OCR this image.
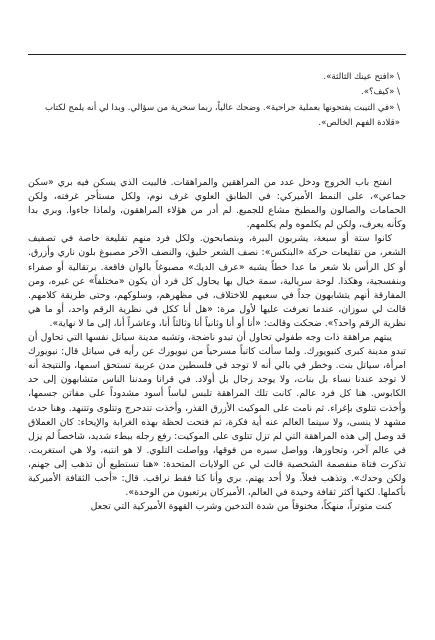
\ «افتح عينك الثالثة».

\ «كيف؟».

\ «في التيبت يفتحونها بعملية جراحية». وضحك عالياً، ربما سخرية من سؤالي. وبدا لي أنه يلمح لكتاب «قلادة الفهم الخالص».

انفتح باب الخروج ودخل عدد من المراهقين والمراهقات. فالبيت الذي يسكن فيه بري «سكن جماعي»، على النمط الأميركي: في الطابق العلوي غرف نوم، ولكل مستأجر غرفته، ولكن الحمامات والصالون والمطبخ مشاع للجميع. لم أدر من هؤلاء المراهقون، ولماذا جاءوا. وبري بدا وكأنه يعرف، ولكن لم يكلموه ولم يكلمهم.

كانوا ستة أو سبعة، يشربون البيرة، وبتصابحون. ولكل فرد منهم تقليعة خاصة في تصفيف الشعر، من تقليعات حركة «البنكس»: نصف الشعر حليق، والنصف الآخر مصبوغ بلون ناري وأزرق. أو كل الرأس بلا شعر ما عدا خطاً يشبه «عرف الديك» مصبوغاً بالوان فاقعة. برتقالية أو صفراء وبنفسجية، وهكذا. لوحة سريالية، سمة خيال بها يحاول كل فرد أن يكون «مختلفاً» عن غيره، ومن المفارقة أنهم يتشابهون جداً في سعيهم للاختلاف، في مظهرهم، وسلوكهم، وحتى طريقة كلامهم. قالت لي سوزان، عندما تعرفت عليها لأول مرة: «هل أنا ككل في نظرية الرقم واحد، أو ما هي نظرية الرقم واحد؟». ضحكت وقالت: «أنا أو أنا وثانياً أنا وثالثاً أنا، وعاشراً أنا، إلى ما لا نهاية».

يبتهم مراهقة ذات وجه طفولي تحاول أن تبدو ناضجة، وتشبه مدينة سياتل نفسها التي تحاول أن تبدو مدينة كبرى كنيويورك. ولما سألت كاتباً مسرحياً من نيويورك عن رأيه في سياتل قال: نيويورك امرأة، سياتل بنت. وخطر في بالي أنه لا توجد في فلسطين مدن عربية تستحق اسمها، والنتيجة أنه لا توجد عندنا نساء بل بنات، ولا يوجد رجال بل أولاد. في قرانا ومدننا الناس متشابهون إلى حد الكابوس. هنا كل فرد عالم. كانت تلك المراهقة تلبس لباساً أسود مشدوداً على مفاتن جسمها، وأخذت تتلوى بإغراء. ثم نامت على الموكيت الأزرق القذر، وأخذت تتدحرج وتتلوى وتتنهد. وهنا حدث مشهد لا ينسى، ولا سينما العالم عنه أية فكرة، ثم فتحت لحظة بهذه الغرابة والإيحاء: كان العملاق قد وصل إلى هذه المراهقة التي لم تزل تتلوى على الموكيت: رفع رجله ببطء شديد، شاخصاً لم يزل في عالم آخر، وتجاوزها، وواصل سيره من فوقها، وواصلت التلوي. لا هو انتبه، ولا هي استغربت. تذكرت فتاة منفصمة الشخصية قالت لي عن الولايات المتحدة: «هنا تستطيع أن تذهب إلى جهنم، ولكن وحدك». وتذهب فعلاً. ولا أحد يهتم. بري وأنا كنا فقط نراقب. قال: «أحب الثقافة الأميركية بأكملها. لكنها أكثر ثقافة وحيدة في العالم، الأميركان يرتعبون من الوحدة».

كنت متوتراً، منهكاً، مخنوقاً من شدة التدخين وشرب القهوة الأميركية التي تجعل
